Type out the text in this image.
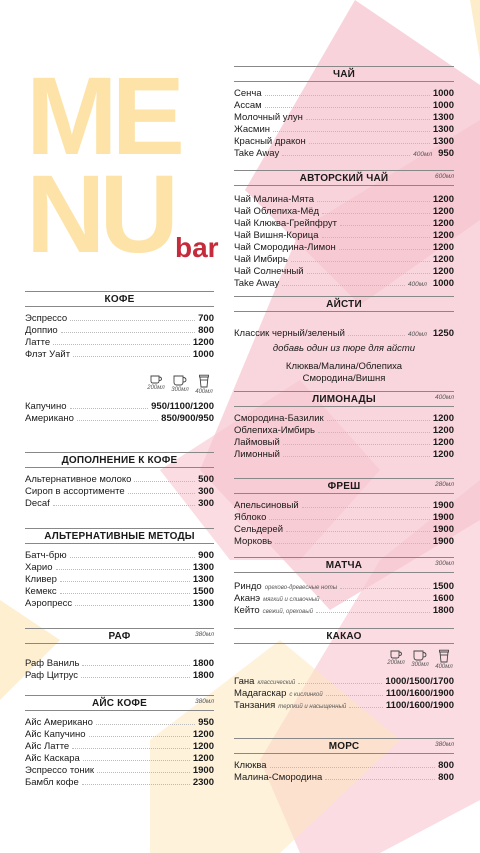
ME
NU bar
КОФЕ
Эспрессо	700
Доппио	800
Латте	1200
Флэт Уайт	1000
200мл 300мл 400мл
Капучино	950/1100/1200
Американо	850/900/950
ДОПОЛНЕНИЕ К КОФЕ
Альтернативное молоко	500
Сироп в ассортименте	300
Decaf	300
АЛЬТЕРНАТИВНЫЕ МЕТОДЫ
Батч-брю	900
Харио	1300
Кливер	1300
Кемекс	1500
Аэропресс	1300
РАФ	380мл
Раф Ваниль	1800
Раф Цитрус	1800
АЙС КОФЕ	380мл
Айс Американо	950
Айс Капучино	1200
Айс Латте	1200
Айс Каскара	1200
Эспрессо тоник	1900
Бамбл кофе	2300
ЧАЙ
Сенча	1000
Ассам	1000
Молочный улун	1300
Жасмин	1300
Красный дракон	1300
Take Away	400мл 950
АВТОРСКИЙ ЧАЙ	600мл
Чай Малина-Мята	1200
Чай Облепиха-Мёд	1200
Чай Клюква-Грейпфрут	1200
Чай Вишня-Корица	1200
Чай Смородина-Лимон	1200
Чай Имбирь	1200
Чай Солнечный	1200
Take Away	400мл 1000
АЙСТИ
Классик черный/зеленый	400мл 1250
добавь один из пюре для айсти
Клюква/Малина/Облепиха
Смородина/Вишня
ЛИМОНАДЫ	400мл
Смородина-Базилик	1200
Облепиха-Имбирь	1200
Лаймовый	1200
Лимонный	1200
ФРЕШ	280мл
Апельсиновый	1900
Яблоко	1900
Сельдерей	1900
Морковь	1900
МАТЧА	300мл
Риндо орехово-древесные ноты	1500
Аканэ мягкий и сливочный	1600
Кейто свежий, ореховый	1800
КАКАО
200мл 300мл 400мл
Гана классический	1000/1500/1700
Мадагаскар с кислинкой	1100/1600/1900
Танзания терпкий и насыщенный	1100/1600/1900
МОРС	380мл
Клюква	800
Малина-Смородина	800
